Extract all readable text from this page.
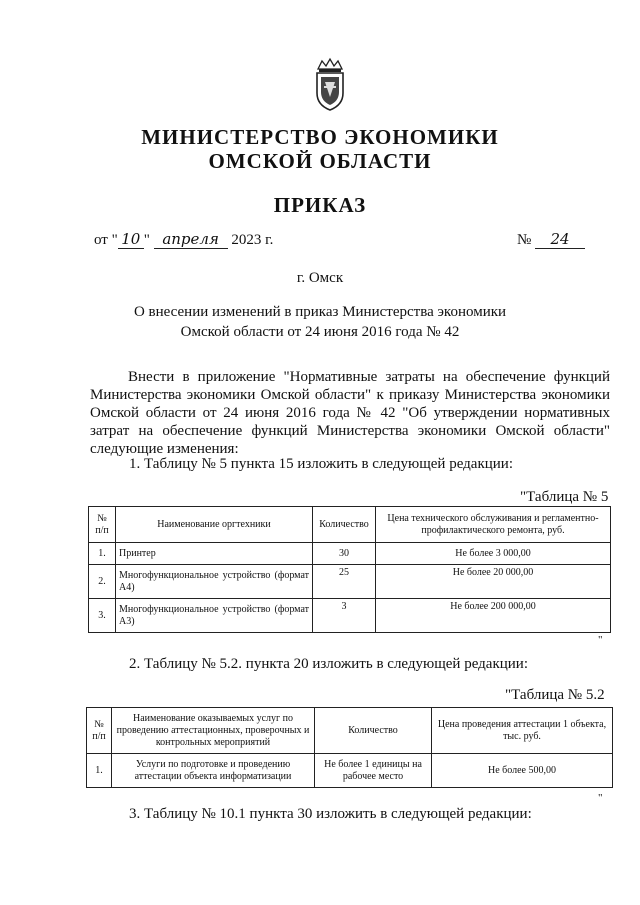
МИНИСТЕРСТВО ЭКОНОМИКИ
ОМСКОЙ ОБЛАСТИ
ПРИКАЗ
от " 10 " апреля 2023 г.	№ 24
г. Омск
О внесении изменений в приказ Министерства экономики Омской области от 24 июня 2016 года № 42
Внести в приложение "Нормативные затраты на обеспечение функций Министерства экономики Омской области" к приказу Министерства экономики Омской области от 24 июня 2016 года № 42 "Об утверждении нормативных затрат на обеспечение функций Министерства экономики Омской области" следующие изменения:
1. Таблицу № 5 пункта 15 изложить в следующей редакции:
"Таблица № 5
№ п/п	Наименование оргтехники	Количество	Цена технического обслуживания и регламентно-профилактического ремонта, руб.
1.	Принтер	30	Не более 3 000,00
2.	Многофункциональное устройство (формат А4)	25	Не более 20 000,00
3.	Многофункциональное устройство (формат А3)	3	Не более 200 000,00
"
2. Таблицу № 5.2. пункта 20 изложить в следующей редакции:
"Таблица № 5.2
№ п/п	Наименование оказываемых услуг по проведению аттестационных, проверочных и контрольных мероприятий	Количество	Цена проведения аттестации 1 объекта, тыс. руб.
1.	Услуги по подготовке и проведению аттестации объекта информатизации	Не более 1 единицы на рабочее место	Не более 500,00
"
3. Таблицу № 10.1 пункта 30 изложить в следующей редакции:
